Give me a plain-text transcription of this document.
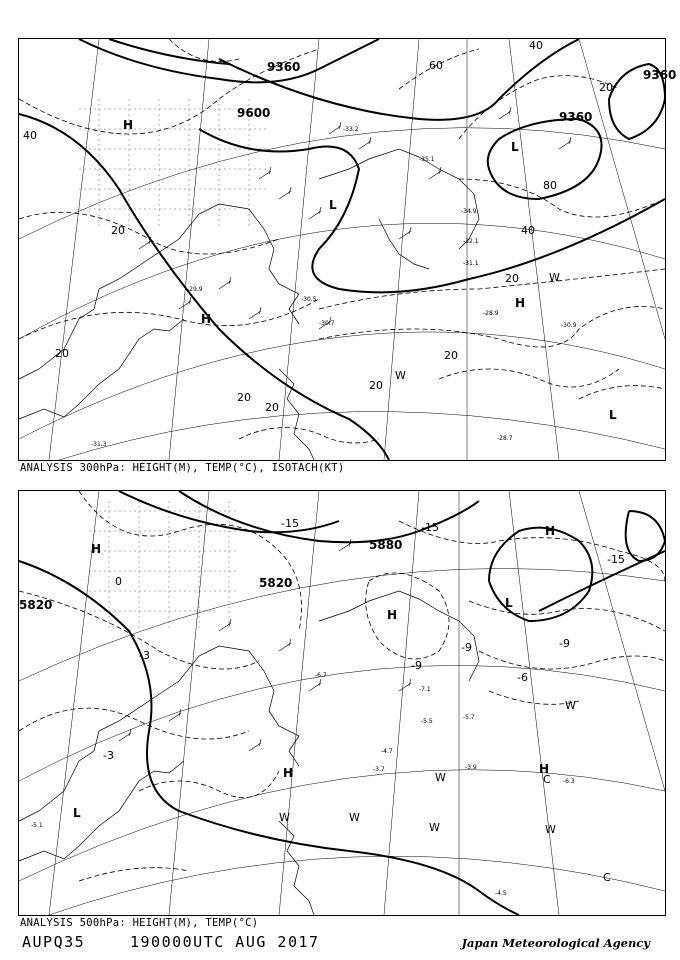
9360
9360
9600
9360
40
20
20
20
20
20
20
20
40
40
80
60
20
H
H
L
H
L
L
W
W
-29.9
-30.7
-31.3
-28.9
-30.5
-28.7
-31.1
-32.1
-33.2
-34.9
-35.1
-30.9
ANALYSIS 300hPa: HEIGHT(M), TEMP(°C), ISOTACH(KT)
5820
5820
5880
-15	-15
-15
-9
-9
-6
-3
-3
0
-9
H
H
H
H
L
L
H
C
C
W
W
W
W
W
W
-4.5
-3.9
-6.3
-4.7
-5.7
-5.5
-7.1
-6.7
-3.7
-5.1
ANALYSIS 500hPa: HEIGHT(M), TEMP(°C)
AUPQ35	190000UTC AUG 2017	Japan Meteorological Agency
